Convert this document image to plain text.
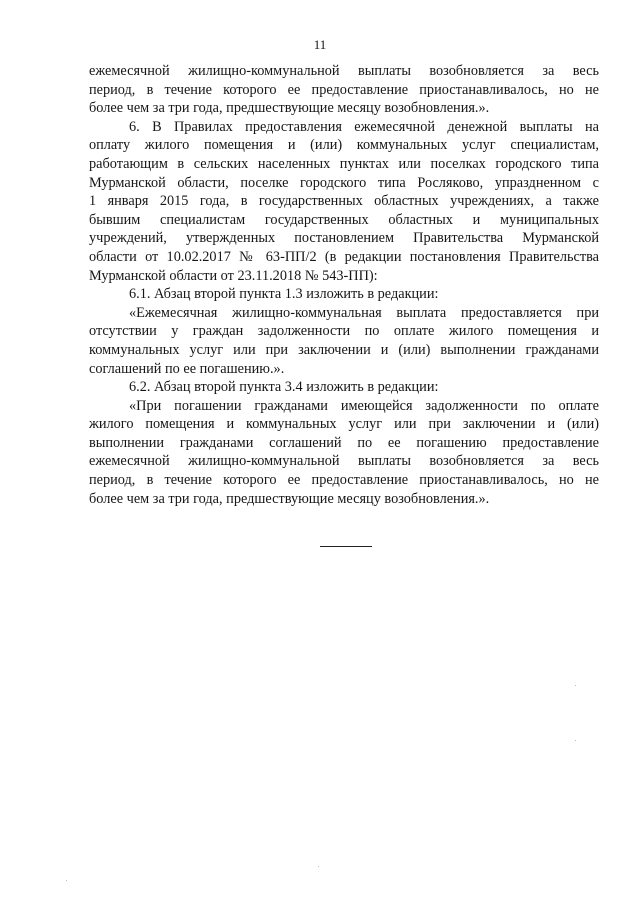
11
ежемесячной жилищно-коммунальной выплаты возобновляется за весь
период, в течение которого ее предоставление приостанавливалось, но не
более чем за три года, предшествующие месяцу возобновления.».
6. В Правилах предоставления ежемесячной денежной выплаты на
оплату жилого помещения и (или) коммунальных услуг специалистам,
работающим в сельских населенных пунктах или поселках городского типа
Мурманской области, поселке городского типа Росляково, упраздненном с
1 января 2015 года, в государственных областных учреждениях, а также
бывшим специалистам государственных областных и муниципальных
учреждений, утвержденных постановлением Правительства Мурманской
области от 10.02.2017 № 63-ПП/2 (в редакции постановления Правительства
Мурманской области от 23.11.2018 № 543-ПП):
6.1. Абзац второй пункта 1.3 изложить в редакции:
«Ежемесячная жилищно-коммунальная выплата предоставляется при
отсутствии у граждан задолженности по оплате жилого помещения и
коммунальных услуг или при заключении и (или) выполнении гражданами
соглашений по ее погашению.».
6.2. Абзац второй пункта 3.4 изложить в редакции:
«При погашении гражданами имеющейся задолженности по оплате
жилого помещения и коммунальных услуг или при заключении и (или)
выполнении гражданами соглашений по ее погашению предоставление
ежемесячной жилищно-коммунальной выплаты возобновляется за весь
период, в течение которого ее предоставление приостанавливалось, но не
более чем за три года, предшествующие месяцу возобновления.».
